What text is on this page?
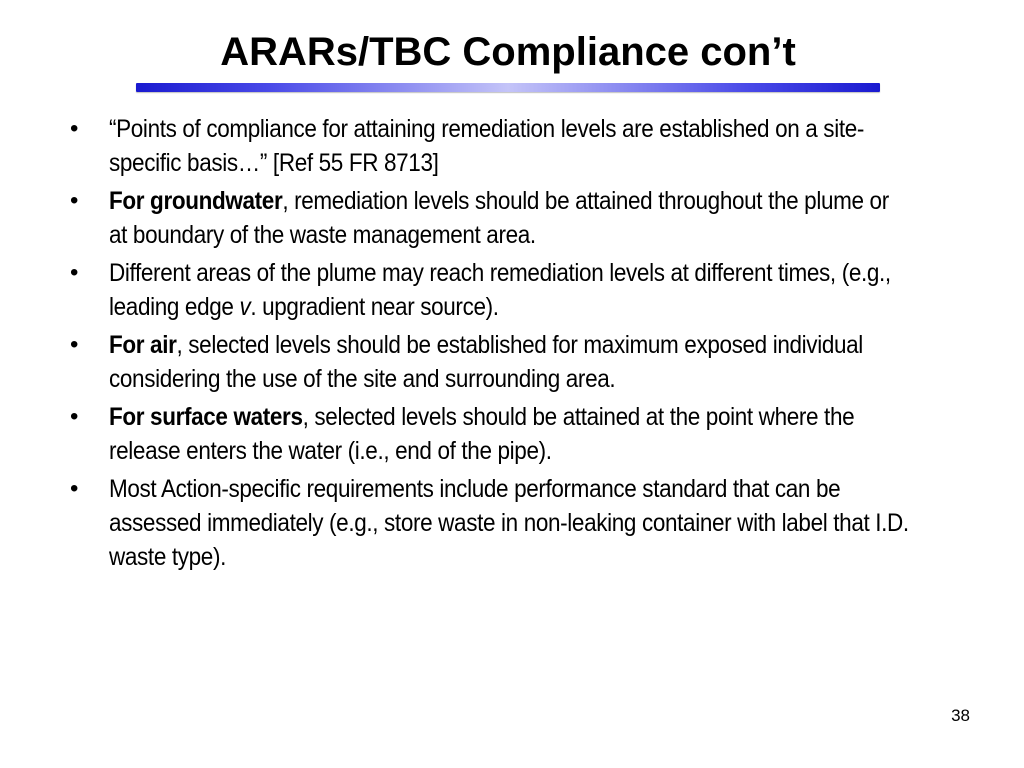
ARARs/TBC Compliance con’t
•	“Points of compliance for attaining remediation levels are established on a site-specific basis…” [Ref 55 FR 8713]
•	For groundwater, remediation levels should be attained throughout the plume or at boundary of the waste management area.
•	Different areas of the plume may reach remediation levels at different times, (e.g., leading edge v. upgradient near source).
•	For air, selected levels should be established for maximum exposed individual considering the use of the site and surrounding area.
•	For surface waters, selected levels should be attained at the point where the release enters the water (i.e., end of the pipe).
•	Most Action-specific requirements include performance standard that can be assessed immediately (e.g., store waste in non-leaking container with label that I.D. waste type).
38
